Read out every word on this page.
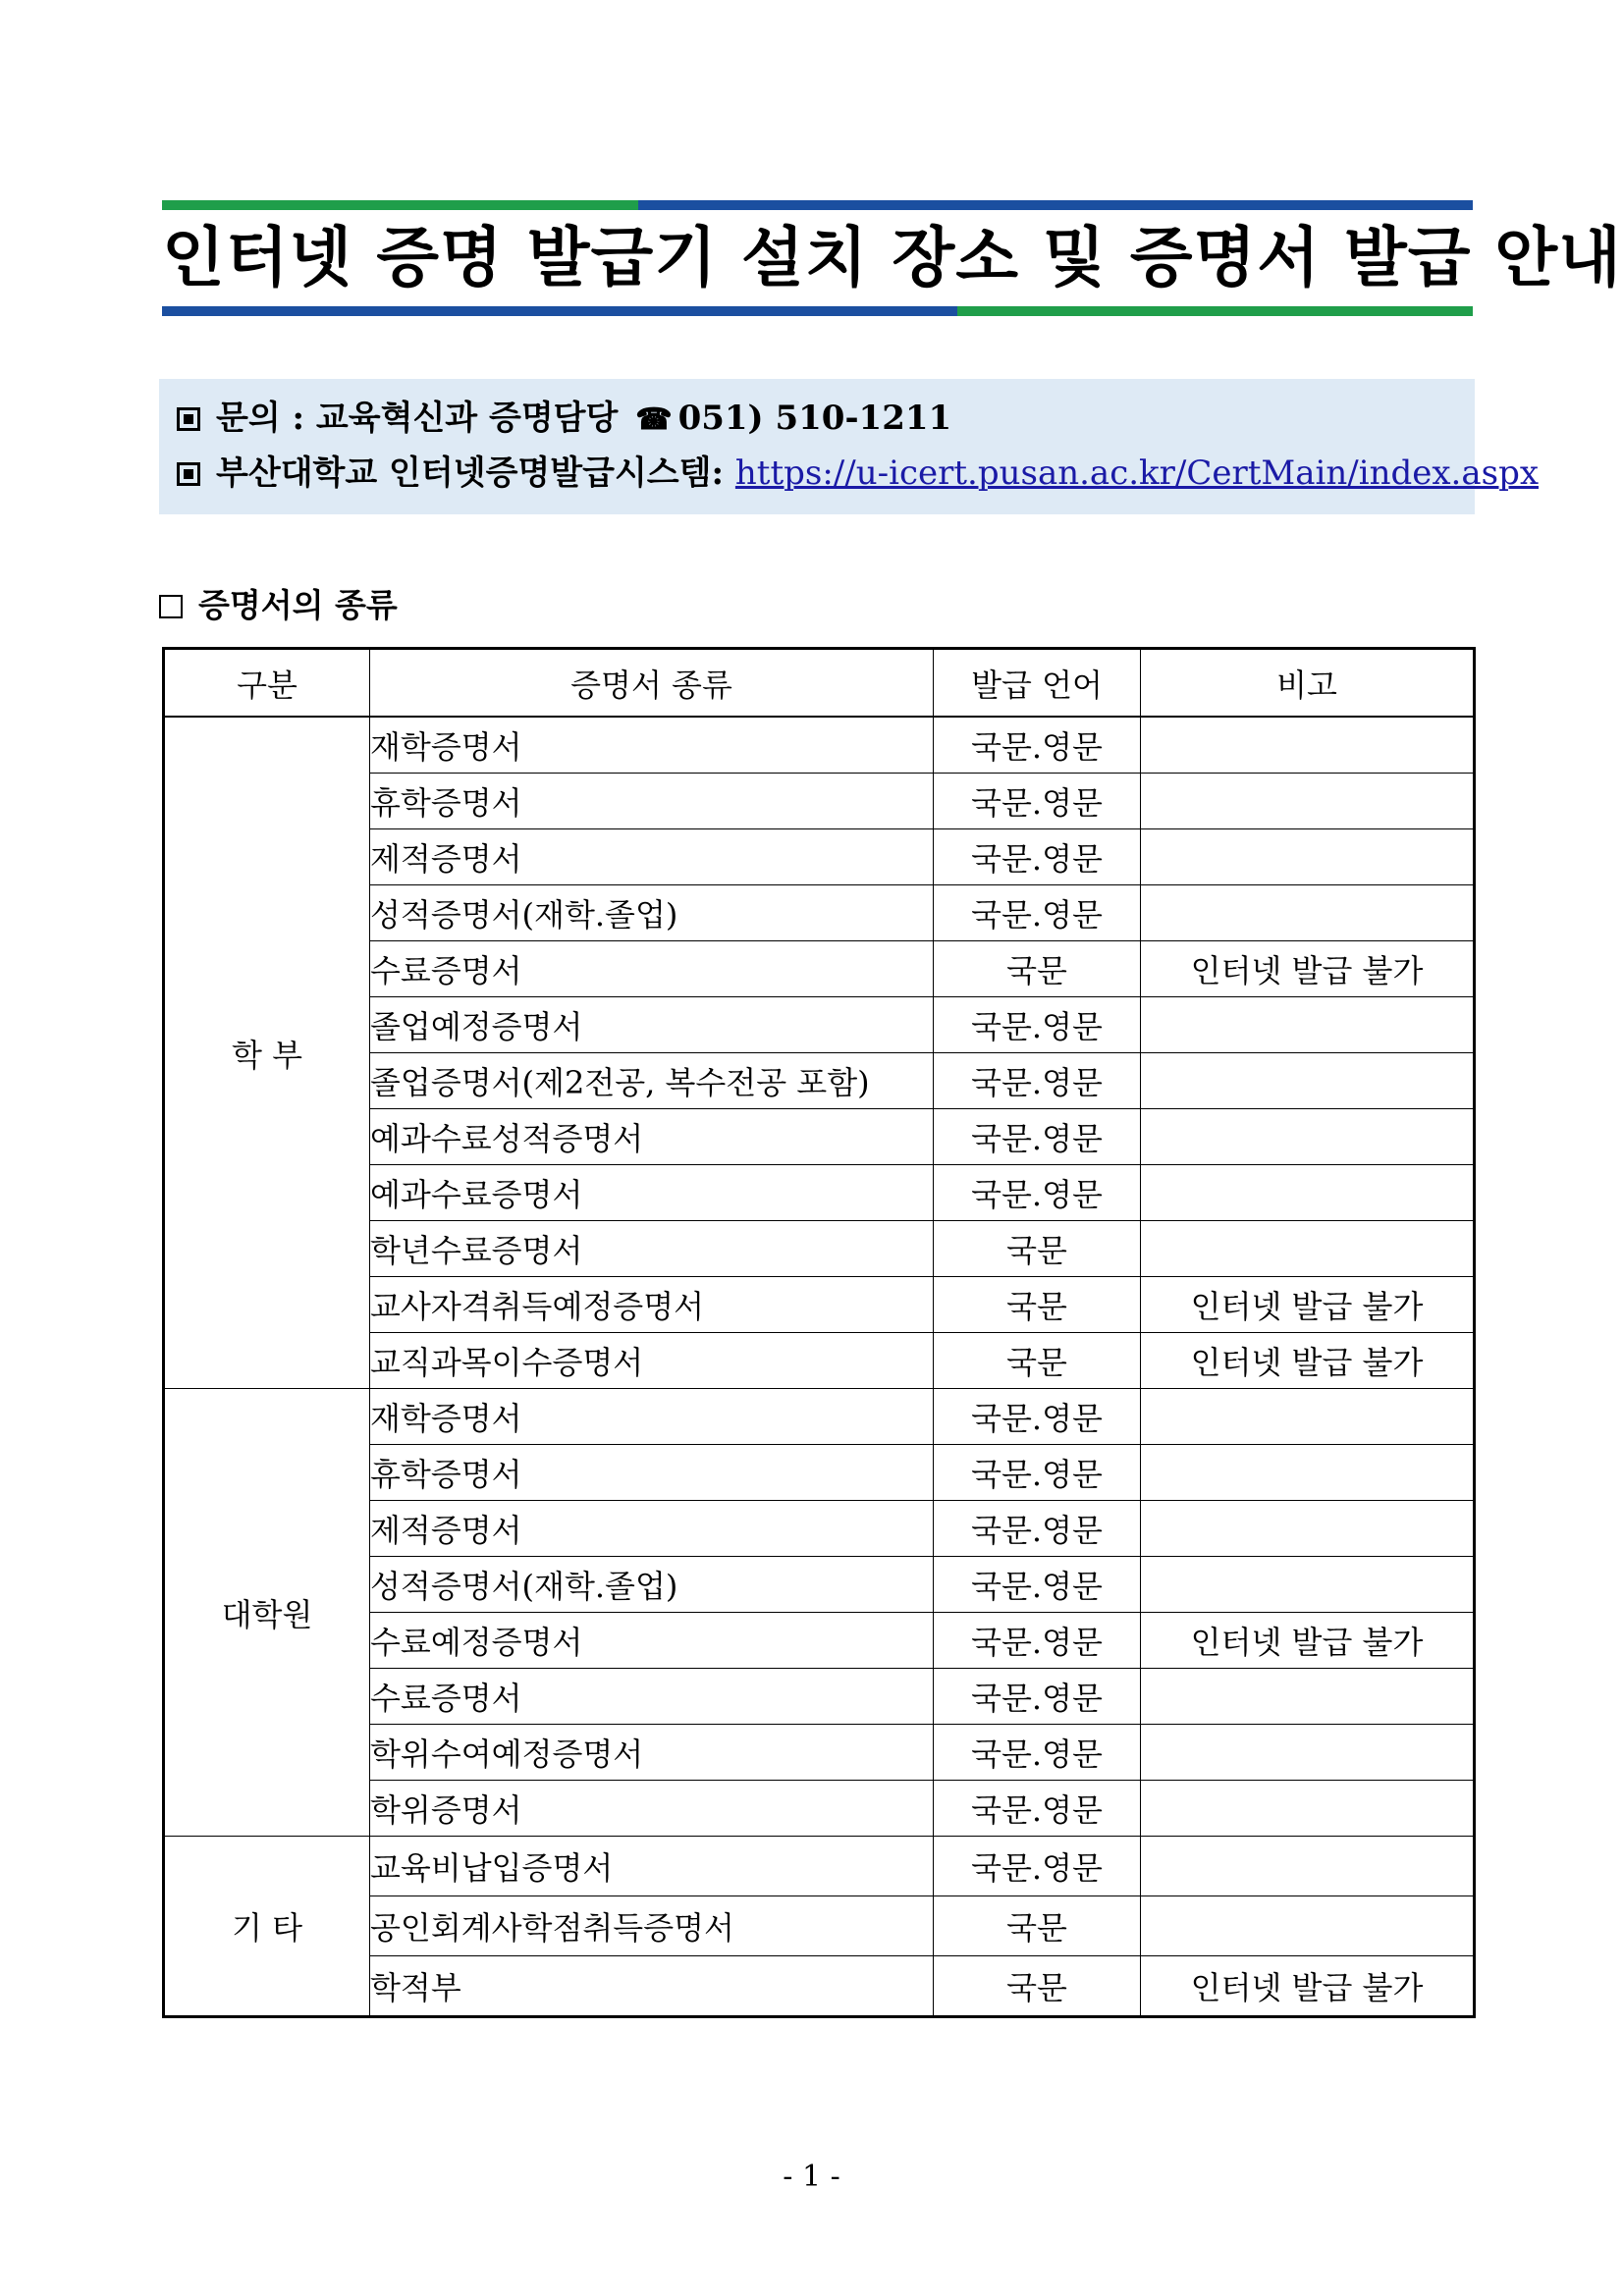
인터넷 증명 발급기 설치 장소 및 증명서 발급 안내
문의 : 교육혁신과 증명담당 ☎ 051) 510-1211
부산대학교 인터넷증명발급시스템: https://u-icert.pusan.ac.kr/CertMain/index.aspx
증명서의 종류
구분	증명서 종류	발급 언어	비고
학 부	재학증명서	국문.영문	
	휴학증명서	국문.영문	
	제적증명서	국문.영문	
	성적증명서(재학.졸업)	국문.영문	
	수료증명서	국문	인터넷 발급 불가
	졸업예정증명서	국문.영문	
	졸업증명서(제2전공, 복수전공 포함)	국문.영문	
	예과수료성적증명서	국문.영문	
	예과수료증명서	국문.영문	
	학년수료증명서	국문	
	교사자격취득예정증명서	국문	인터넷 발급 불가
	교직과목이수증명서	국문	인터넷 발급 불가
대학원	재학증명서	국문.영문	
	휴학증명서	국문.영문	
	제적증명서	국문.영문	
	성적증명서(재학.졸업)	국문.영문	
	수료예정증명서	국문.영문	인터넷 발급 불가
	수료증명서	국문.영문	
	학위수여예정증명서	국문.영문	
	학위증명서	국문.영문	
기 타	교육비납입증명서	국문.영문	
	공인회계사학점취득증명서	국문	
	학적부	국문	인터넷 발급 불가
- 1 -
